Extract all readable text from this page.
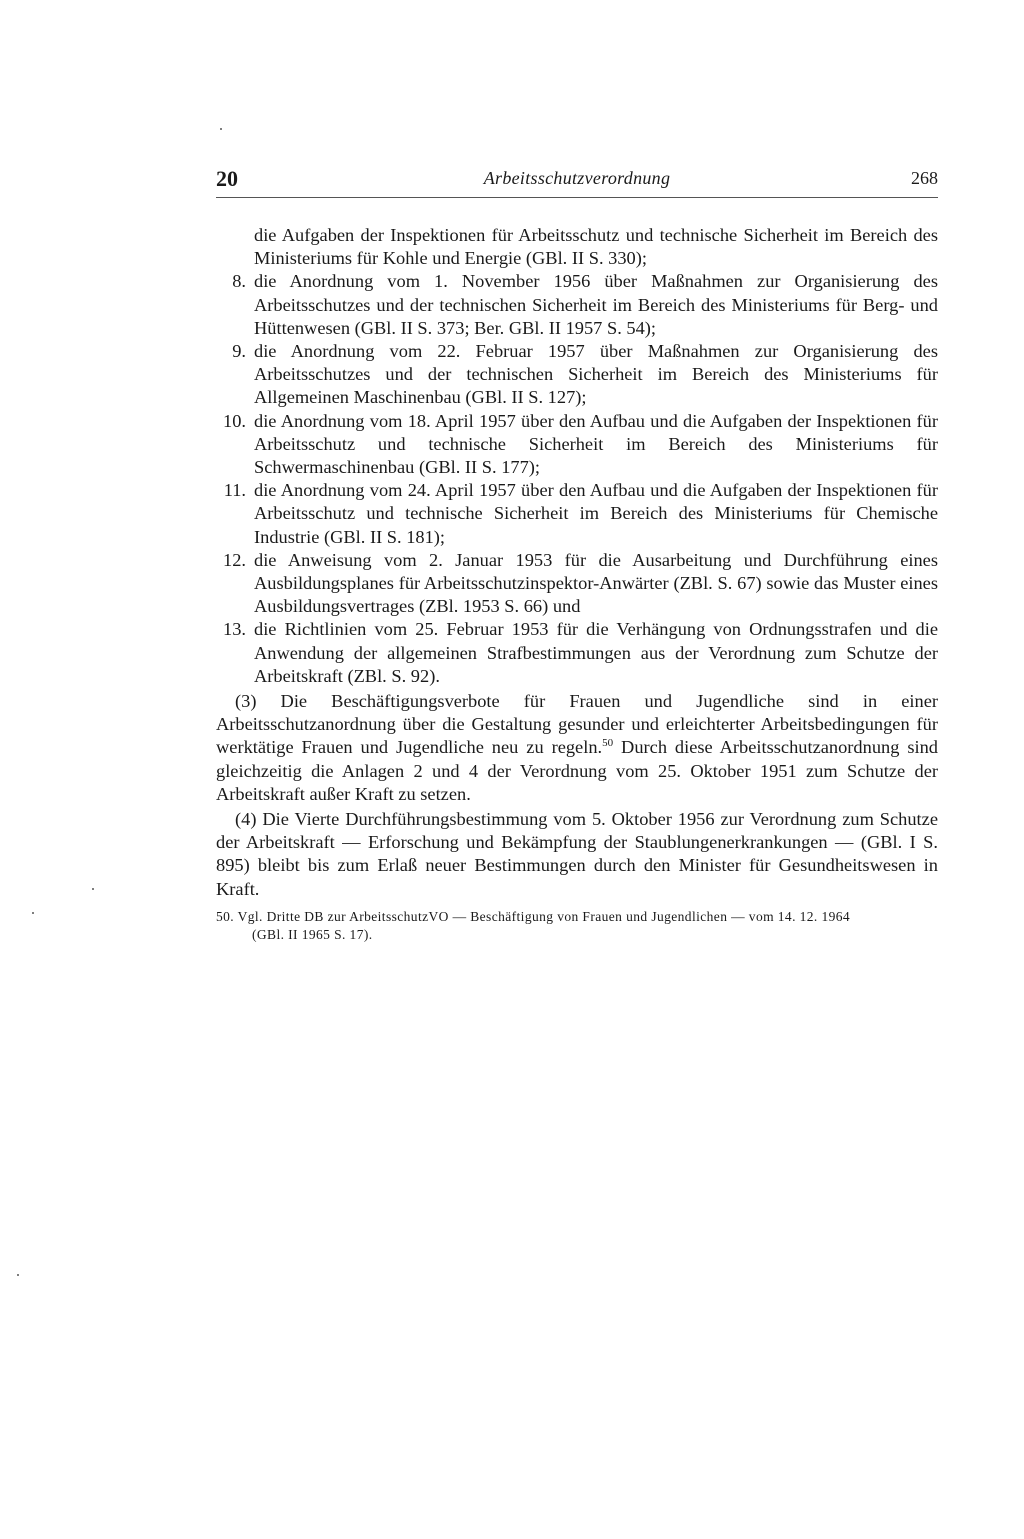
20	Arbeitsschutzverordnung	268
die Aufgaben der Inspektionen für Arbeitsschutz und technische Sicherheit im Bereich des Ministeriums für Kohle und Energie (GBl. II S. 330);
8. die Anordnung vom 1. November 1956 über Maßnahmen zur Organisierung des Arbeitsschutzes und der technischen Sicherheit im Bereich des Ministeriums für Berg- und Hüttenwesen (GBl. II S. 373; Ber. GBl. II 1957 S. 54);
9. die Anordnung vom 22. Februar 1957 über Maßnahmen zur Organisierung des Arbeitsschutzes und der technischen Sicherheit im Bereich des Ministeriums für Allgemeinen Maschinenbau (GBl. II S. 127);
10. die Anordnung vom 18. April 1957 über den Aufbau und die Aufgaben der Inspektionen für Arbeitsschutz und technische Sicherheit im Bereich des Ministeriums für Schwermaschinenbau (GBl. II S. 177);
11. die Anordnung vom 24. April 1957 über den Aufbau und die Aufgaben der Inspektionen für Arbeitsschutz und technische Sicherheit im Bereich des Ministeriums für Chemische Industrie (GBl. II S. 181);
12. die Anweisung vom 2. Januar 1953 für die Ausarbeitung und Durchführung eines Ausbildungsplanes für Arbeitsschutzinspektor-Anwärter (ZBl. S. 67) sowie das Muster eines Ausbildungsvertrages (ZBl. 1953 S. 66) und
13. die Richtlinien vom 25. Februar 1953 für die Verhängung von Ordnungsstrafen und die Anwendung der allgemeinen Strafbestimmungen aus der Verordnung zum Schutze der Arbeitskraft (ZBl. S. 92).
(3) Die Beschäftigungsverbote für Frauen und Jugendliche sind in einer Arbeitsschutzanordnung über die Gestaltung gesunder und erleichterter Arbeitsbedingungen für werktätige Frauen und Jugendliche neu zu regeln.$^{50}$ Durch diese Arbeitsschutzanordnung sind gleichzeitig die Anlagen 2 und 4 der Verordnung vom 25. Oktober 1951 zum Schutze der Arbeitskraft außer Kraft zu setzen.
(4) Die Vierte Durchführungsbestimmung vom 5. Oktober 1956 zur Verordnung zum Schutze der Arbeitskraft — Erforschung und Bekämpfung der Staublungenerkrankungen — (GBl. I S. 895) bleibt bis zum Erlaß neuer Bestimmungen durch den Minister für Gesundheitswesen in Kraft.
50. Vgl. Dritte DB zur ArbeitsschutzVO — Beschäftigung von Frauen und Jugendlichen — vom 14. 12. 1964
(GBl. II 1965 S. 17).
